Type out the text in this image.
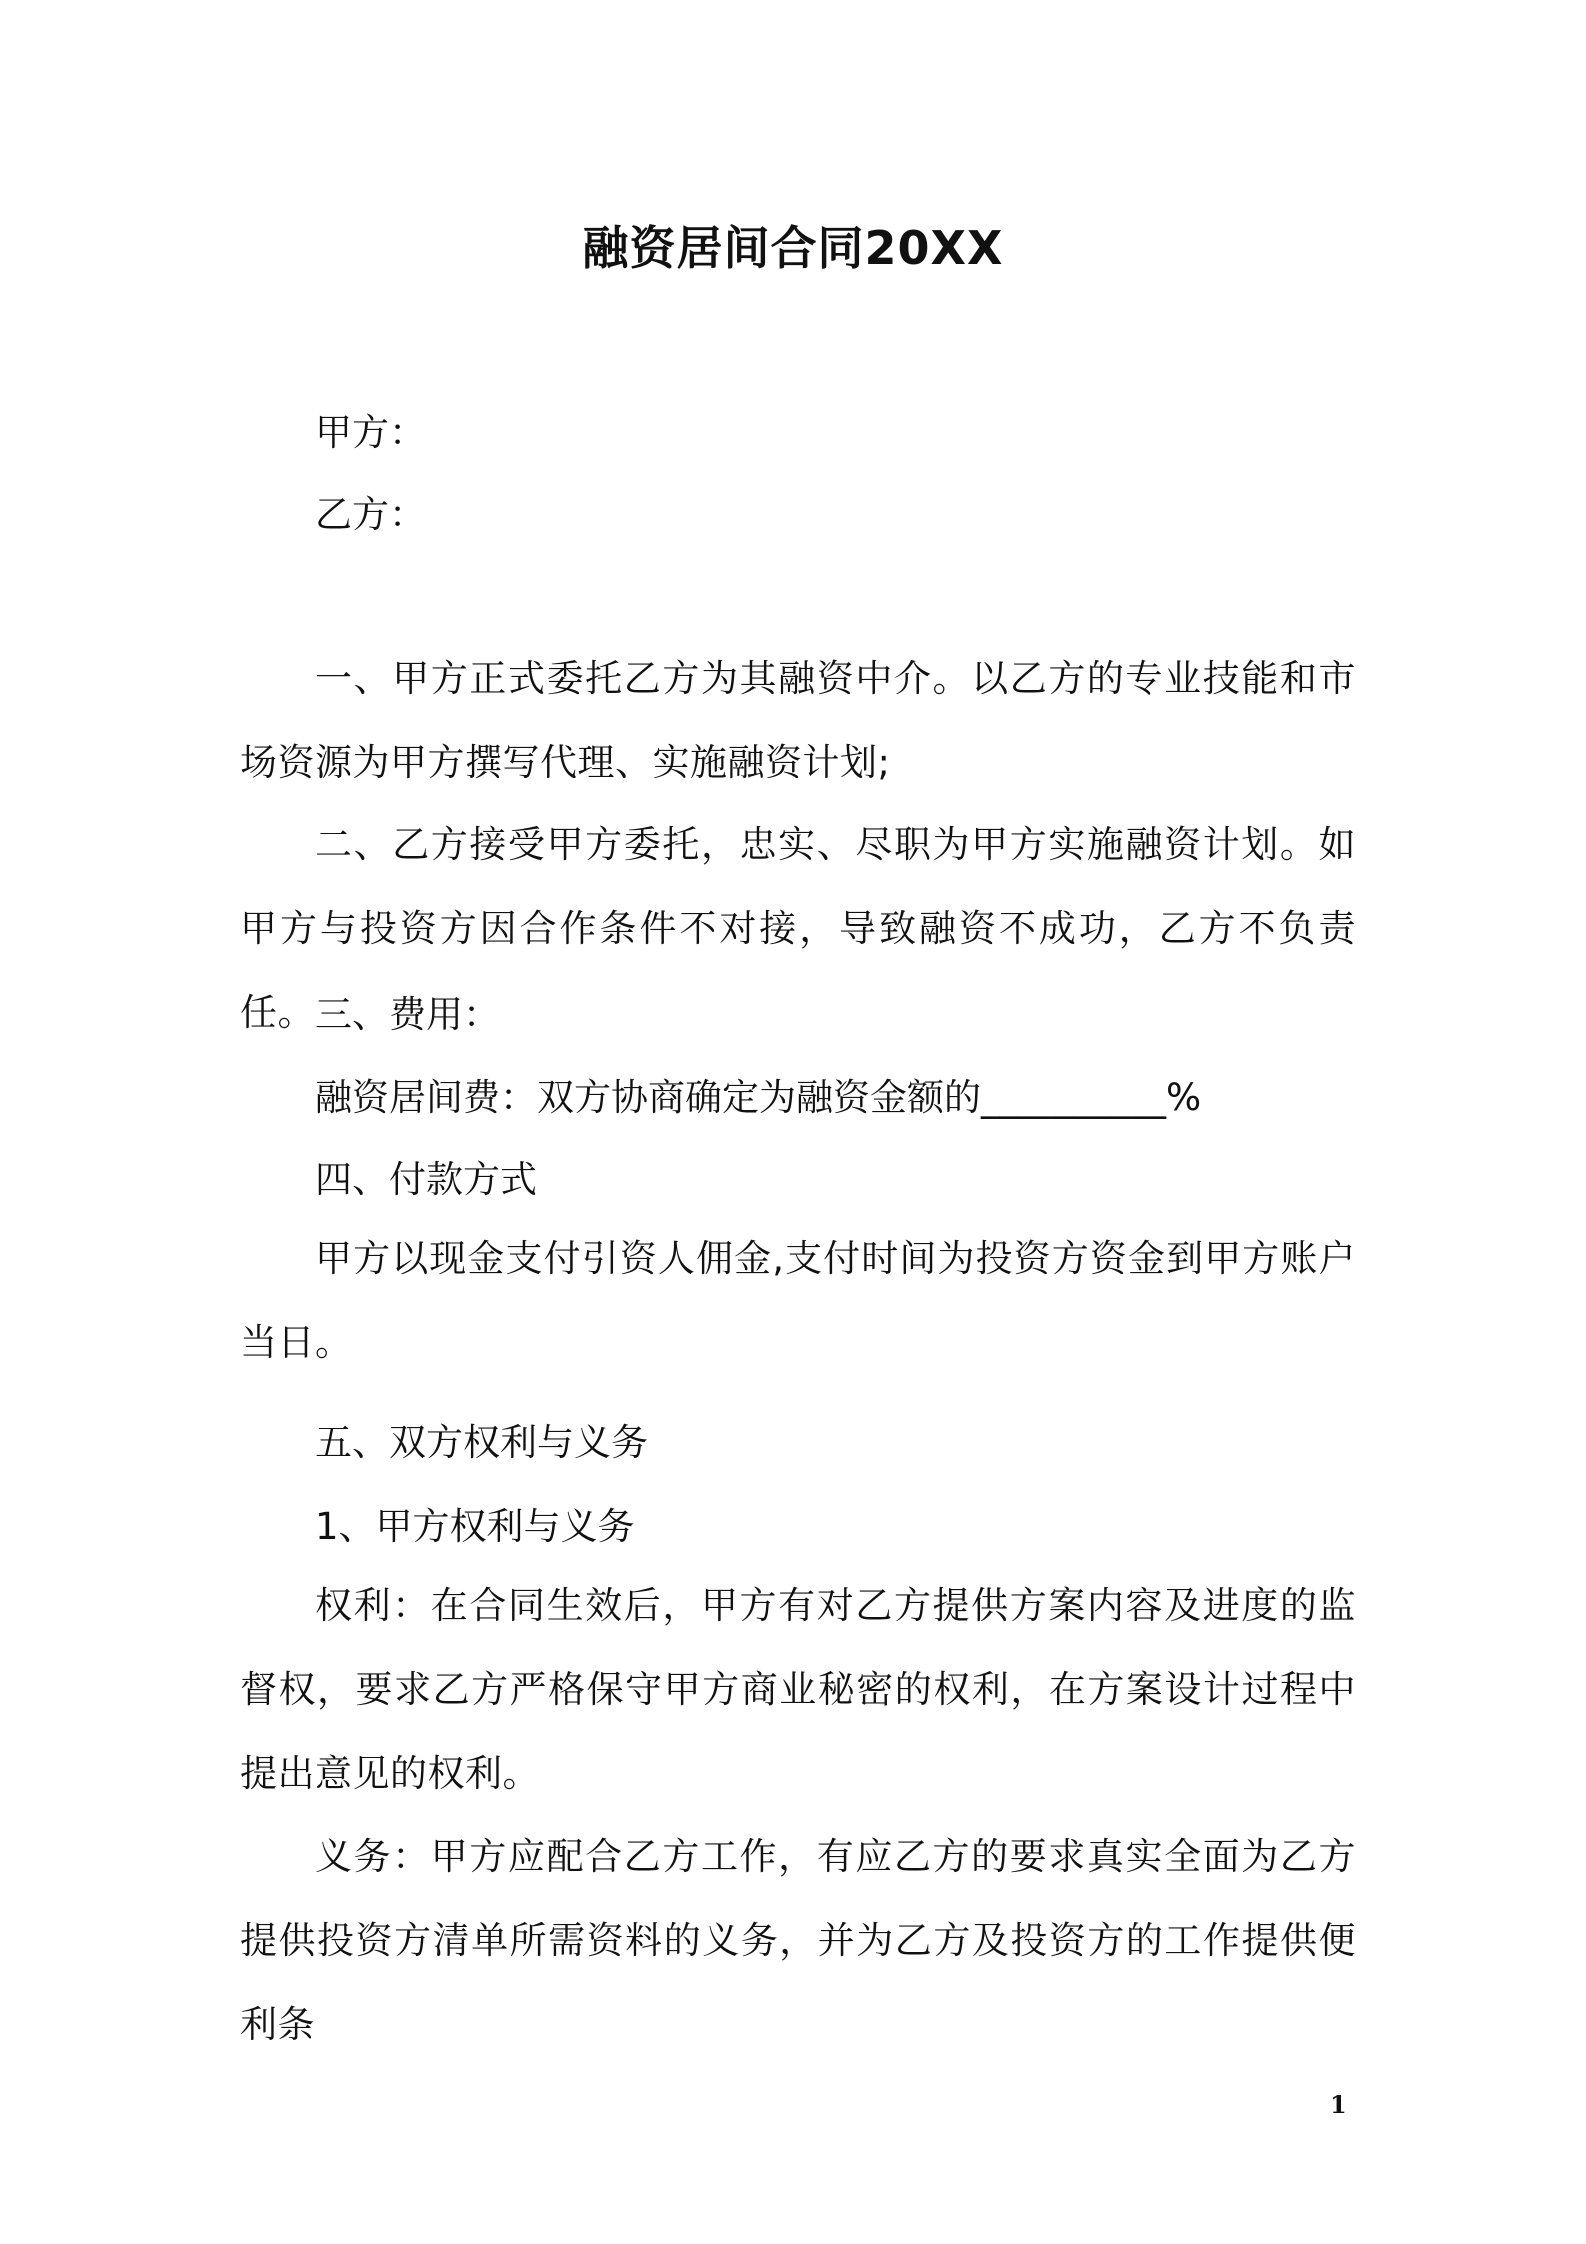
融资居间合同20XX

甲方：

乙方：

一、甲方正式委托乙方为其融资中介。以乙方的专业技能和市场资源为甲方撰写代理、实施融资计划;

二、乙方接受甲方委托，忠实、尽职为甲方实施融资计划。如甲方与投资方因合作条件不对接，导致融资不成功，乙方不负责任。 三、费用：

融资居间费：双方协商确定为融资金额的__________%

四、付款方式

甲方以现金支付引资人佣金,支付时间为投资方资金到甲方账户当日。

五、双方权利与义务

1、甲方权利与义务

权利：在合同生效后，甲方有对乙方提供方案内容及进度的监督权，要求乙方严格保守甲方商业秘密的权利，在方案设计过程中提出意见的权利。

义务：甲方应配合乙方工作，有应乙方的要求真实全面为乙方提供投资方清单所需资料的义务，并为乙方及投资方的工作提供便利条

1
